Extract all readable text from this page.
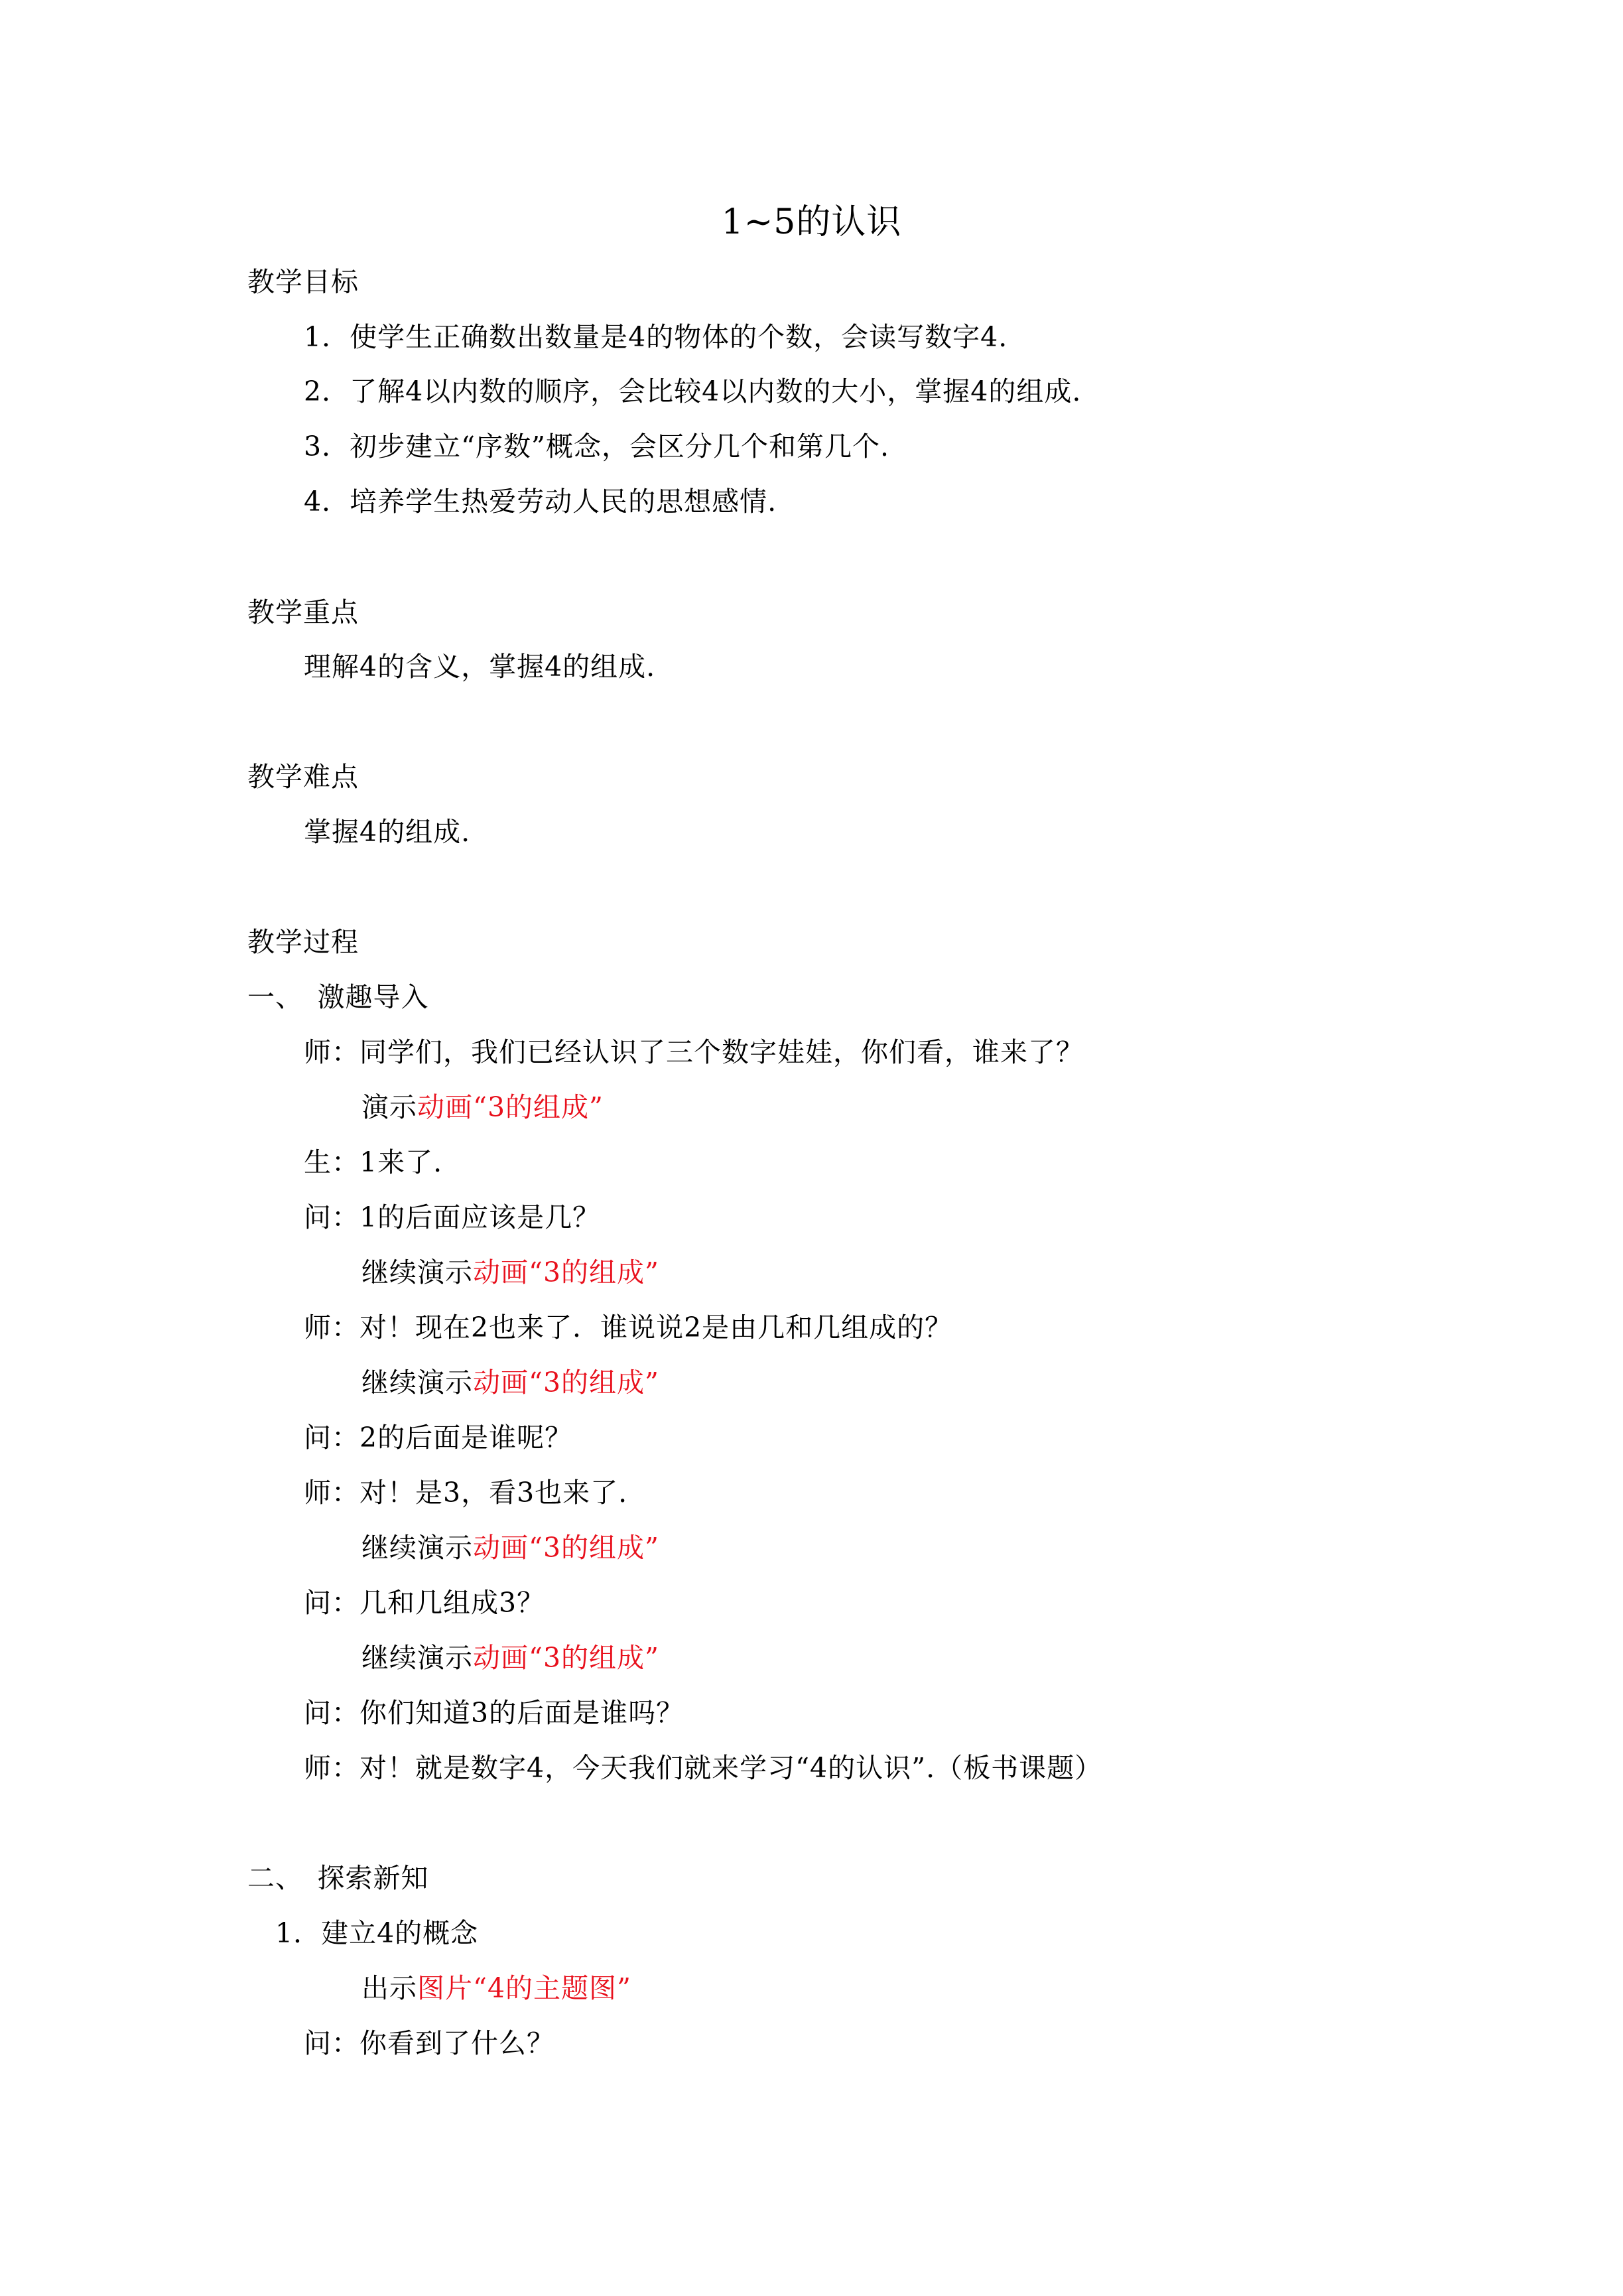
1~5的认识
教学目标
1．使学生正确数出数量是4的物体的个数，会读写数字4.
2．了解4以内数的顺序，会比较4以内数的大小，掌握4的组成.
3．初步建立“序数”概念，会区分几个和第几个.
4．培养学生热爱劳动人民的思想感情.
教学重点
理解4的含义，掌握4的组成.
教学难点
掌握4的组成.
教学过程
一、　激趣导入
师：同学们，我们已经认识了三个数字娃娃，你们看，谁来了？
演示动画“3的组成”
生：1来了.
问：1的后面应该是几？
继续演示动画“3的组成”
师：对！现在2也来了．谁说说2是由几和几组成的？
继续演示动画“3的组成”
问：2的后面是谁呢？
师：对！是3，看3也来了.
继续演示动画“3的组成”
问：几和几组成3？
继续演示动画“3的组成”
问：你们知道3的后面是谁吗？
师：对！就是数字4，今天我们就来学习“4的认识”.（板书课题）
二、　探索新知
1．建立4的概念
出示图片“4的主题图”
问：你看到了什么？
